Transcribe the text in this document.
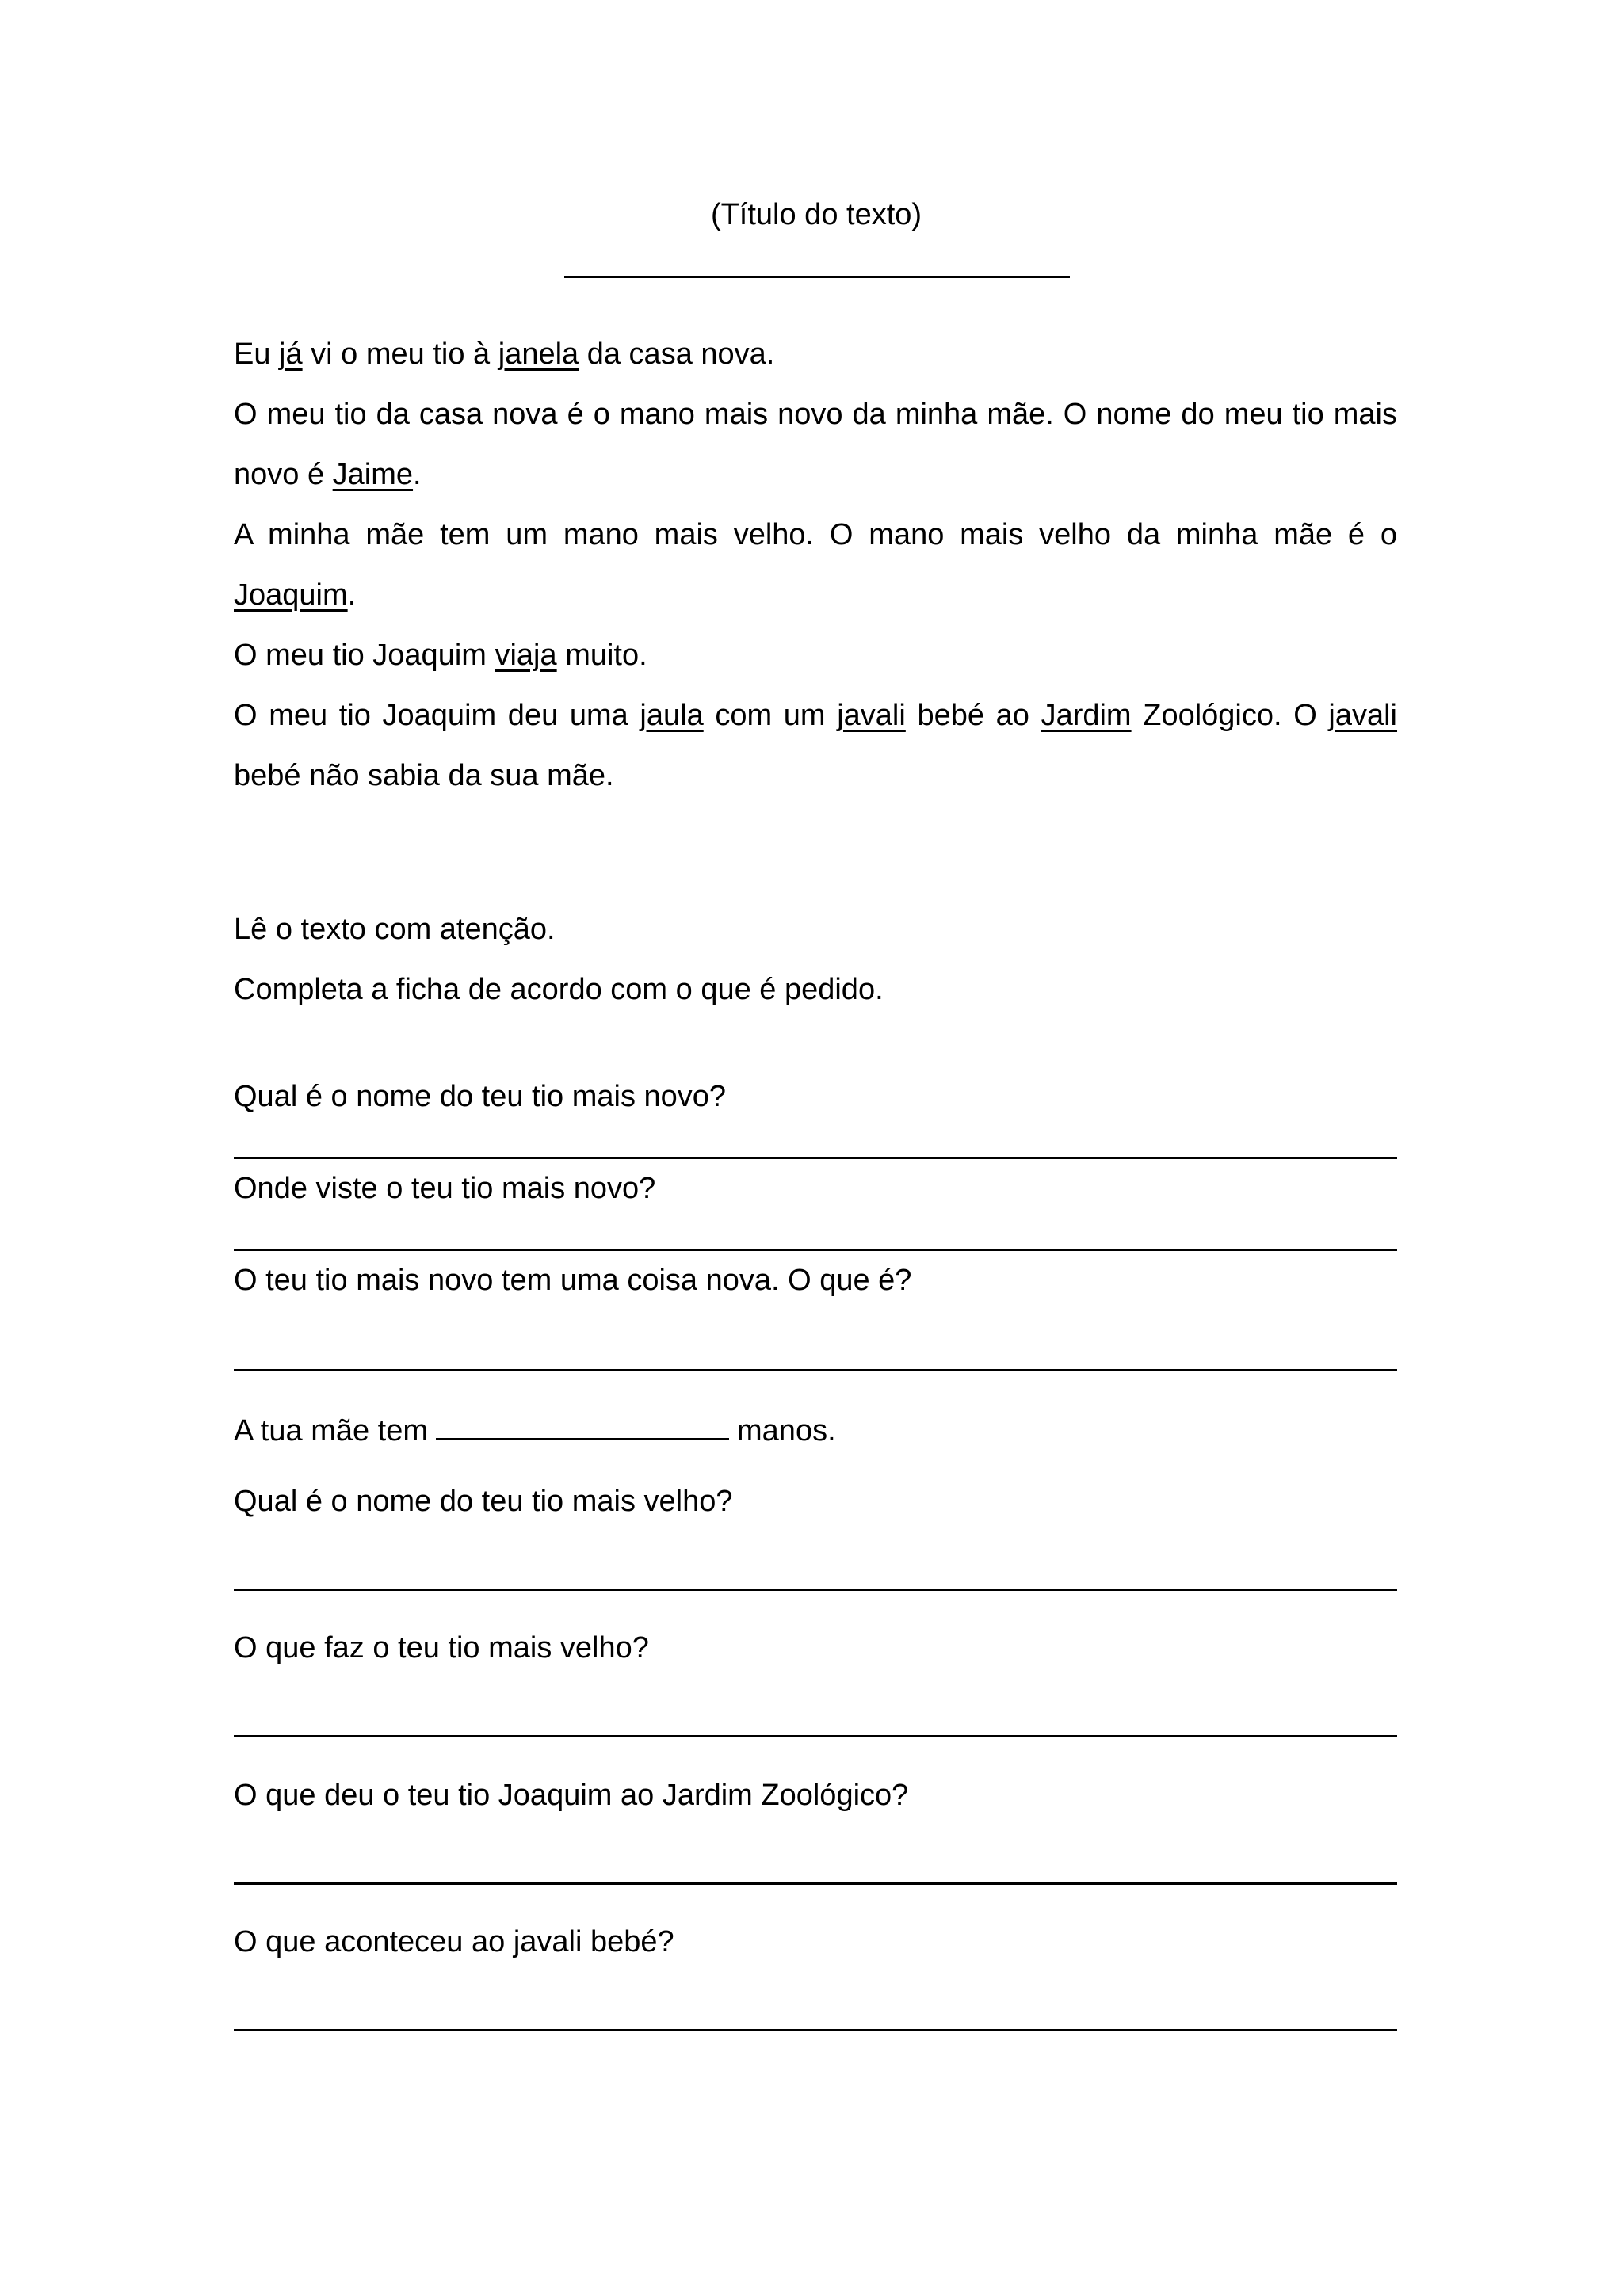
(Título do texto)
Eu já vi o meu tio à janela da casa nova.
O meu tio da casa nova é o mano mais novo da minha mãe. O nome do meu tio mais
novo é Jaime.
A minha mãe tem um mano mais velho. O mano mais velho da minha mãe é o
Joaquim.
O meu tio Joaquim viaja muito.
O meu tio Joaquim deu uma jaula com um javali bebé ao Jardim Zoológico. O javali
bebé não sabia da sua mãe.
Lê o texto com atenção.
Completa a ficha de acordo com o que é pedido.
Qual é o nome do teu tio mais novo?
Onde viste o teu tio mais novo?
O teu tio mais novo tem uma coisa nova. O que é?
A tua mãe tem	manos.
Qual é o nome do teu tio mais velho?
O que faz o teu tio mais velho?
O que deu o teu tio Joaquim ao Jardim Zoológico?
O que aconteceu ao javali bebé?
